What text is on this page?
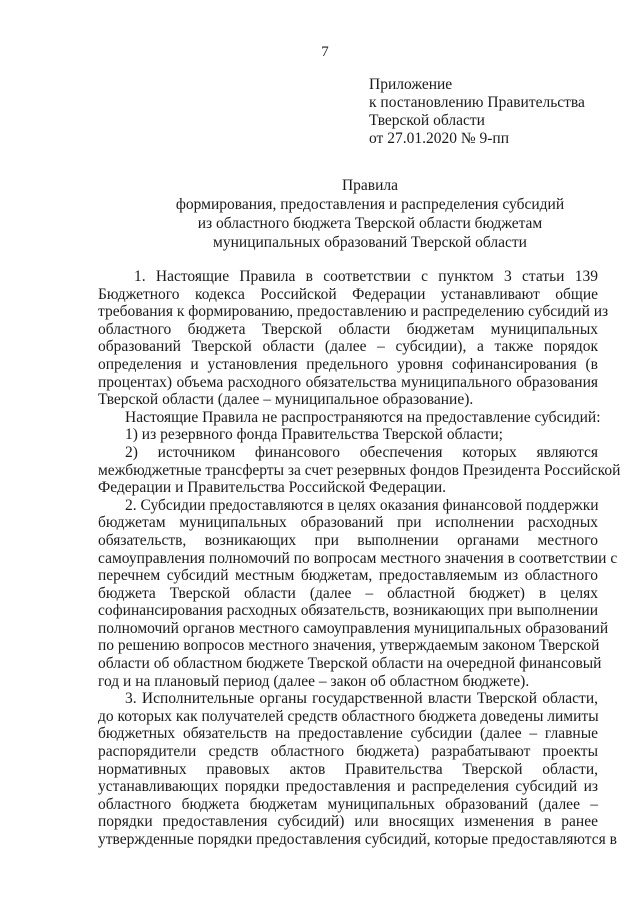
7
Приложение
к постановлению Правительства
Тверской области
от 27.01.2020 № 9-пп
Правила
формирования, предоставления и распределения субсидий
из областного бюджета Тверской области бюджетам
муниципальных образований Тверской области
1. Настоящие Правила в соответствии с пунктом 3 статьи 139
Бюджетного кодекса Российской Федерации устанавливают общие
требования к формированию, предоставлению и распределению субсидий из
областного бюджета Тверской области бюджетам муниципальных
образований Тверской области (далее – субсидии), а также порядок
определения и установления предельного уровня софинансирования (в
процентах) объема расходного обязательства муниципального образования
Тверской области (далее – муниципальное образование).
Настоящие Правила не распространяются на предоставление субсидий:
1) из резервного фонда Правительства Тверской области;
2) источником финансового обеспечения которых являются
межбюджетные трансферты за счет резервных фондов Президента Российской
Федерации и Правительства Российской Федерации.
2. Субсидии предоставляются в целях оказания финансовой поддержки
бюджетам муниципальных образований при исполнении расходных
обязательств, возникающих при выполнении органами местного
самоуправления полномочий по вопросам местного значения в соответствии с
перечнем субсидий местным бюджетам, предоставляемым из областного
бюджета Тверской области (далее – областной бюджет) в целях
софинансирования расходных обязательств, возникающих при выполнении
полномочий органов местного самоуправления муниципальных образований
по решению вопросов местного значения, утверждаемым законом Тверской
области об областном бюджете Тверской области на очередной финансовый
год и на плановый период (далее – закон об областном бюджете).
3. Исполнительные органы государственной власти Тверской области,
до которых как получателей средств областного бюджета доведены лимиты
бюджетных обязательств на предоставление субсидии (далее – главные
распорядители средств областного бюджета) разрабатывают проекты
нормативных правовых актов Правительства Тверской области,
устанавливающих порядки предоставления и распределения субсидий из
областного бюджета бюджетам муниципальных образований (далее –
порядки предоставления субсидий) или вносящих изменения в ранее
утвержденные порядки предоставления субсидий, которые предоставляются в
